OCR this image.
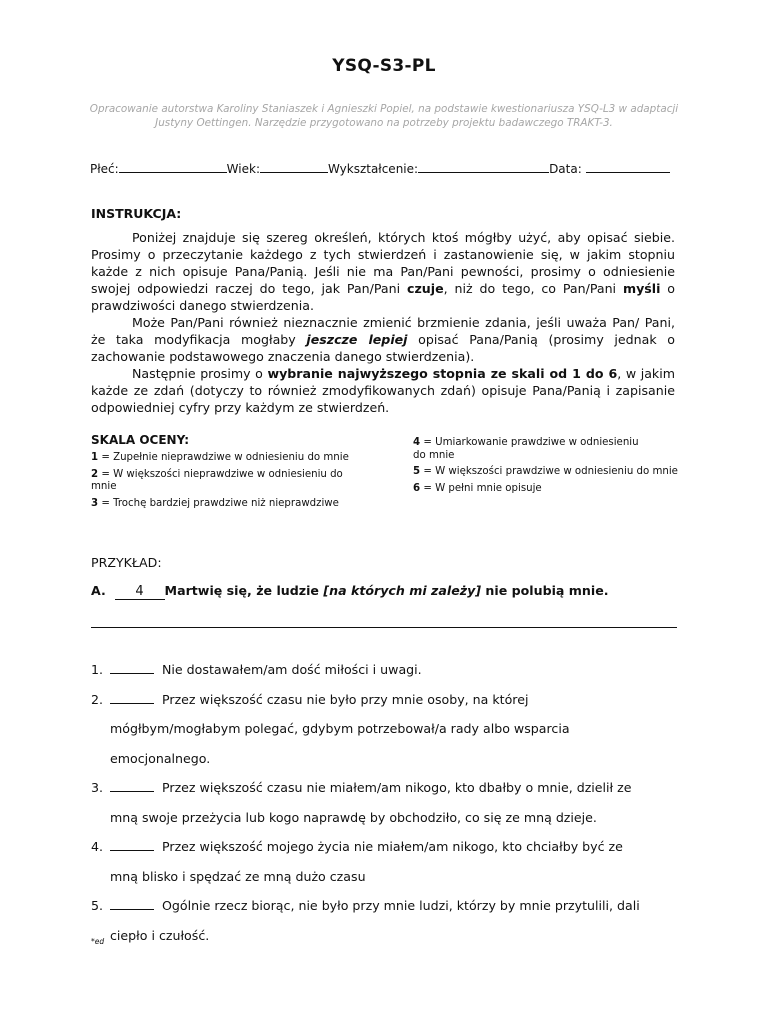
YSQ-S3-PL
Opracowanie autorstwa Karoliny Staniaszek i Agnieszki Popiel, na podstawie kwestionariusza YSQ-L3 w adaptacji
Justyny Oettingen. Narzędzie przygotowano na potrzeby projektu badawczego TRAKT-3.
Płeć:	Wiek:	Wykształcenie:	Data:
INSTRUKCJA:

Poniżej znajduje się szereg określeń, których ktoś mógłby użyć, aby opisać siebie. Prosimy o przeczytanie każdego z tych stwierdzeń i zastanowienie się, w jakim stopniu każde z nich opisuje Pana/Panią. Jeśli nie ma Pan/Pani pewności, prosimy o odniesienie swojej odpowiedzi raczej do tego, jak Pan/Pani czuje, niż do tego, co Pan/Pani myśli o prawdziwości danego stwierdzenia.

Może Pan/Pani również nieznacznie zmienić brzmienie zdania, jeśli uważa Pan/ Pani, że taka modyfikacja mogłaby jeszcze lepiej opisać Pana/Panią (prosimy jednak o zachowanie podstawowego znaczenia danego stwierdzenia).

Następnie prosimy o wybranie najwyższego stopnia ze skali od 1 do 6, w jakim każde ze zdań (dotyczy to również zmodyfikowanych zdań) opisuje Pana/Panią i zapisanie odpowiedniej cyfry przy każdym ze stwierdzeń.

SKALA OCENY:
1 = Zupełnie nieprawdziwe w odniesieniu do mnie
2 = W większości nieprawdziwe w odniesieniu do mnie
3 = Trochę bardziej prawdziwe niż nieprawdziwe
4 = Umiarkowanie prawdziwe w odniesieniu do mnie
5 = W większości prawdziwe w odniesieniu do mnie
6 = W pełni mnie opisuje
PRZYKŁAD:
A. 4 Martwię się, że ludzie [na których mi zależy] nie polubią mnie.
1.	Nie dostawałem/am dość miłości i uwagi.
2.	Przez większość czasu nie było przy mnie osoby, na której
mógłbym/mogłabym polegać, gdybym potrzebował/a rady albo wsparcia
emocjonalnego.
3.	Przez większość czasu nie miałem/am nikogo, kto dbałby o mnie, dzielił ze
mną swoje przeżycia lub kogo naprawdę by obchodziło, co się ze mną dzieje.
4.	Przez większość mojego życia nie miałem/am nikogo, kto chciałby być ze
mną blisko i spędzać ze mną dużo czasu
5.	Ogólnie rzecz biorąc, nie było przy mnie ludzi, którzy by mnie przytulili, dali
ciepło i czułość.
*ed
